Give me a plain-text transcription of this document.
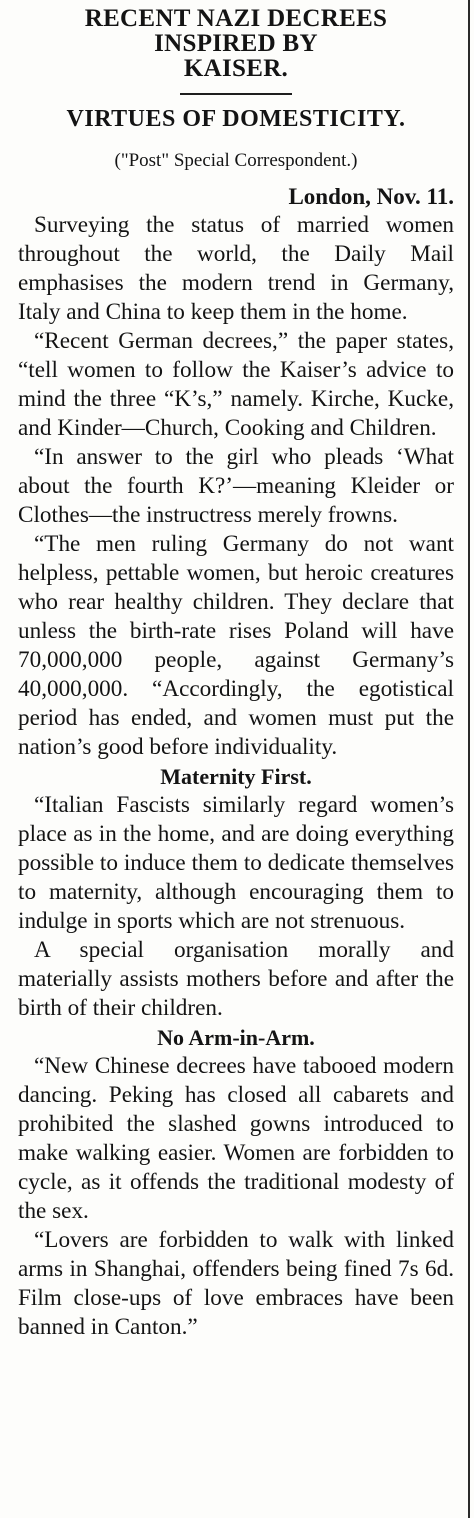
RECENT NAZI DECREES
INSPIRED BY
KAISER.
VIRTUES OF DOMESTICITY.

("Post" Special Correspondent.)

London, Nov. 11.

Surveying the status of married women throughout the world, the Daily Mail emphasises the modern trend in Germany, Italy and China to keep them in the home.

“Recent German decrees,” the paper states, “tell women to follow the Kaiser’s advice to mind the three “K’s,” namely. Kirche, Kucke, and Kinder—Church, Cooking and Children.

“In answer to the girl who pleads ‘What about the fourth K?’—meaning Kleider or Clothes—the instructress merely frowns.

“The men ruling Germany do not want helpless, pettable women, but heroic creatures who rear healthy children. They declare that unless the birth-rate rises Poland will have 70,000,000 people, against Germany’s 40,000,000. “Accordingly, the egotistical period has ended, and women must put the nation’s good before individuality.

Maternity First.

“Italian Fascists similarly regard women’s place as in the home, and are doing everything possible to induce them to dedicate themselves to maternity, although encouraging them to indulge in sports which are not strenuous.

A special organisation morally and materially assists mothers before and after the birth of their children.

No Arm-in-Arm.

“New Chinese decrees have tabooed modern dancing. Peking has closed all cabarets and prohibited the slashed gowns introduced to make walking easier. Women are forbidden to cycle, as it offends the traditional modesty of the sex.

“Lovers are forbidden to walk with linked arms in Shanghai, offenders being fined 7s 6d. Film close-ups of love embraces have been banned in Canton.”
